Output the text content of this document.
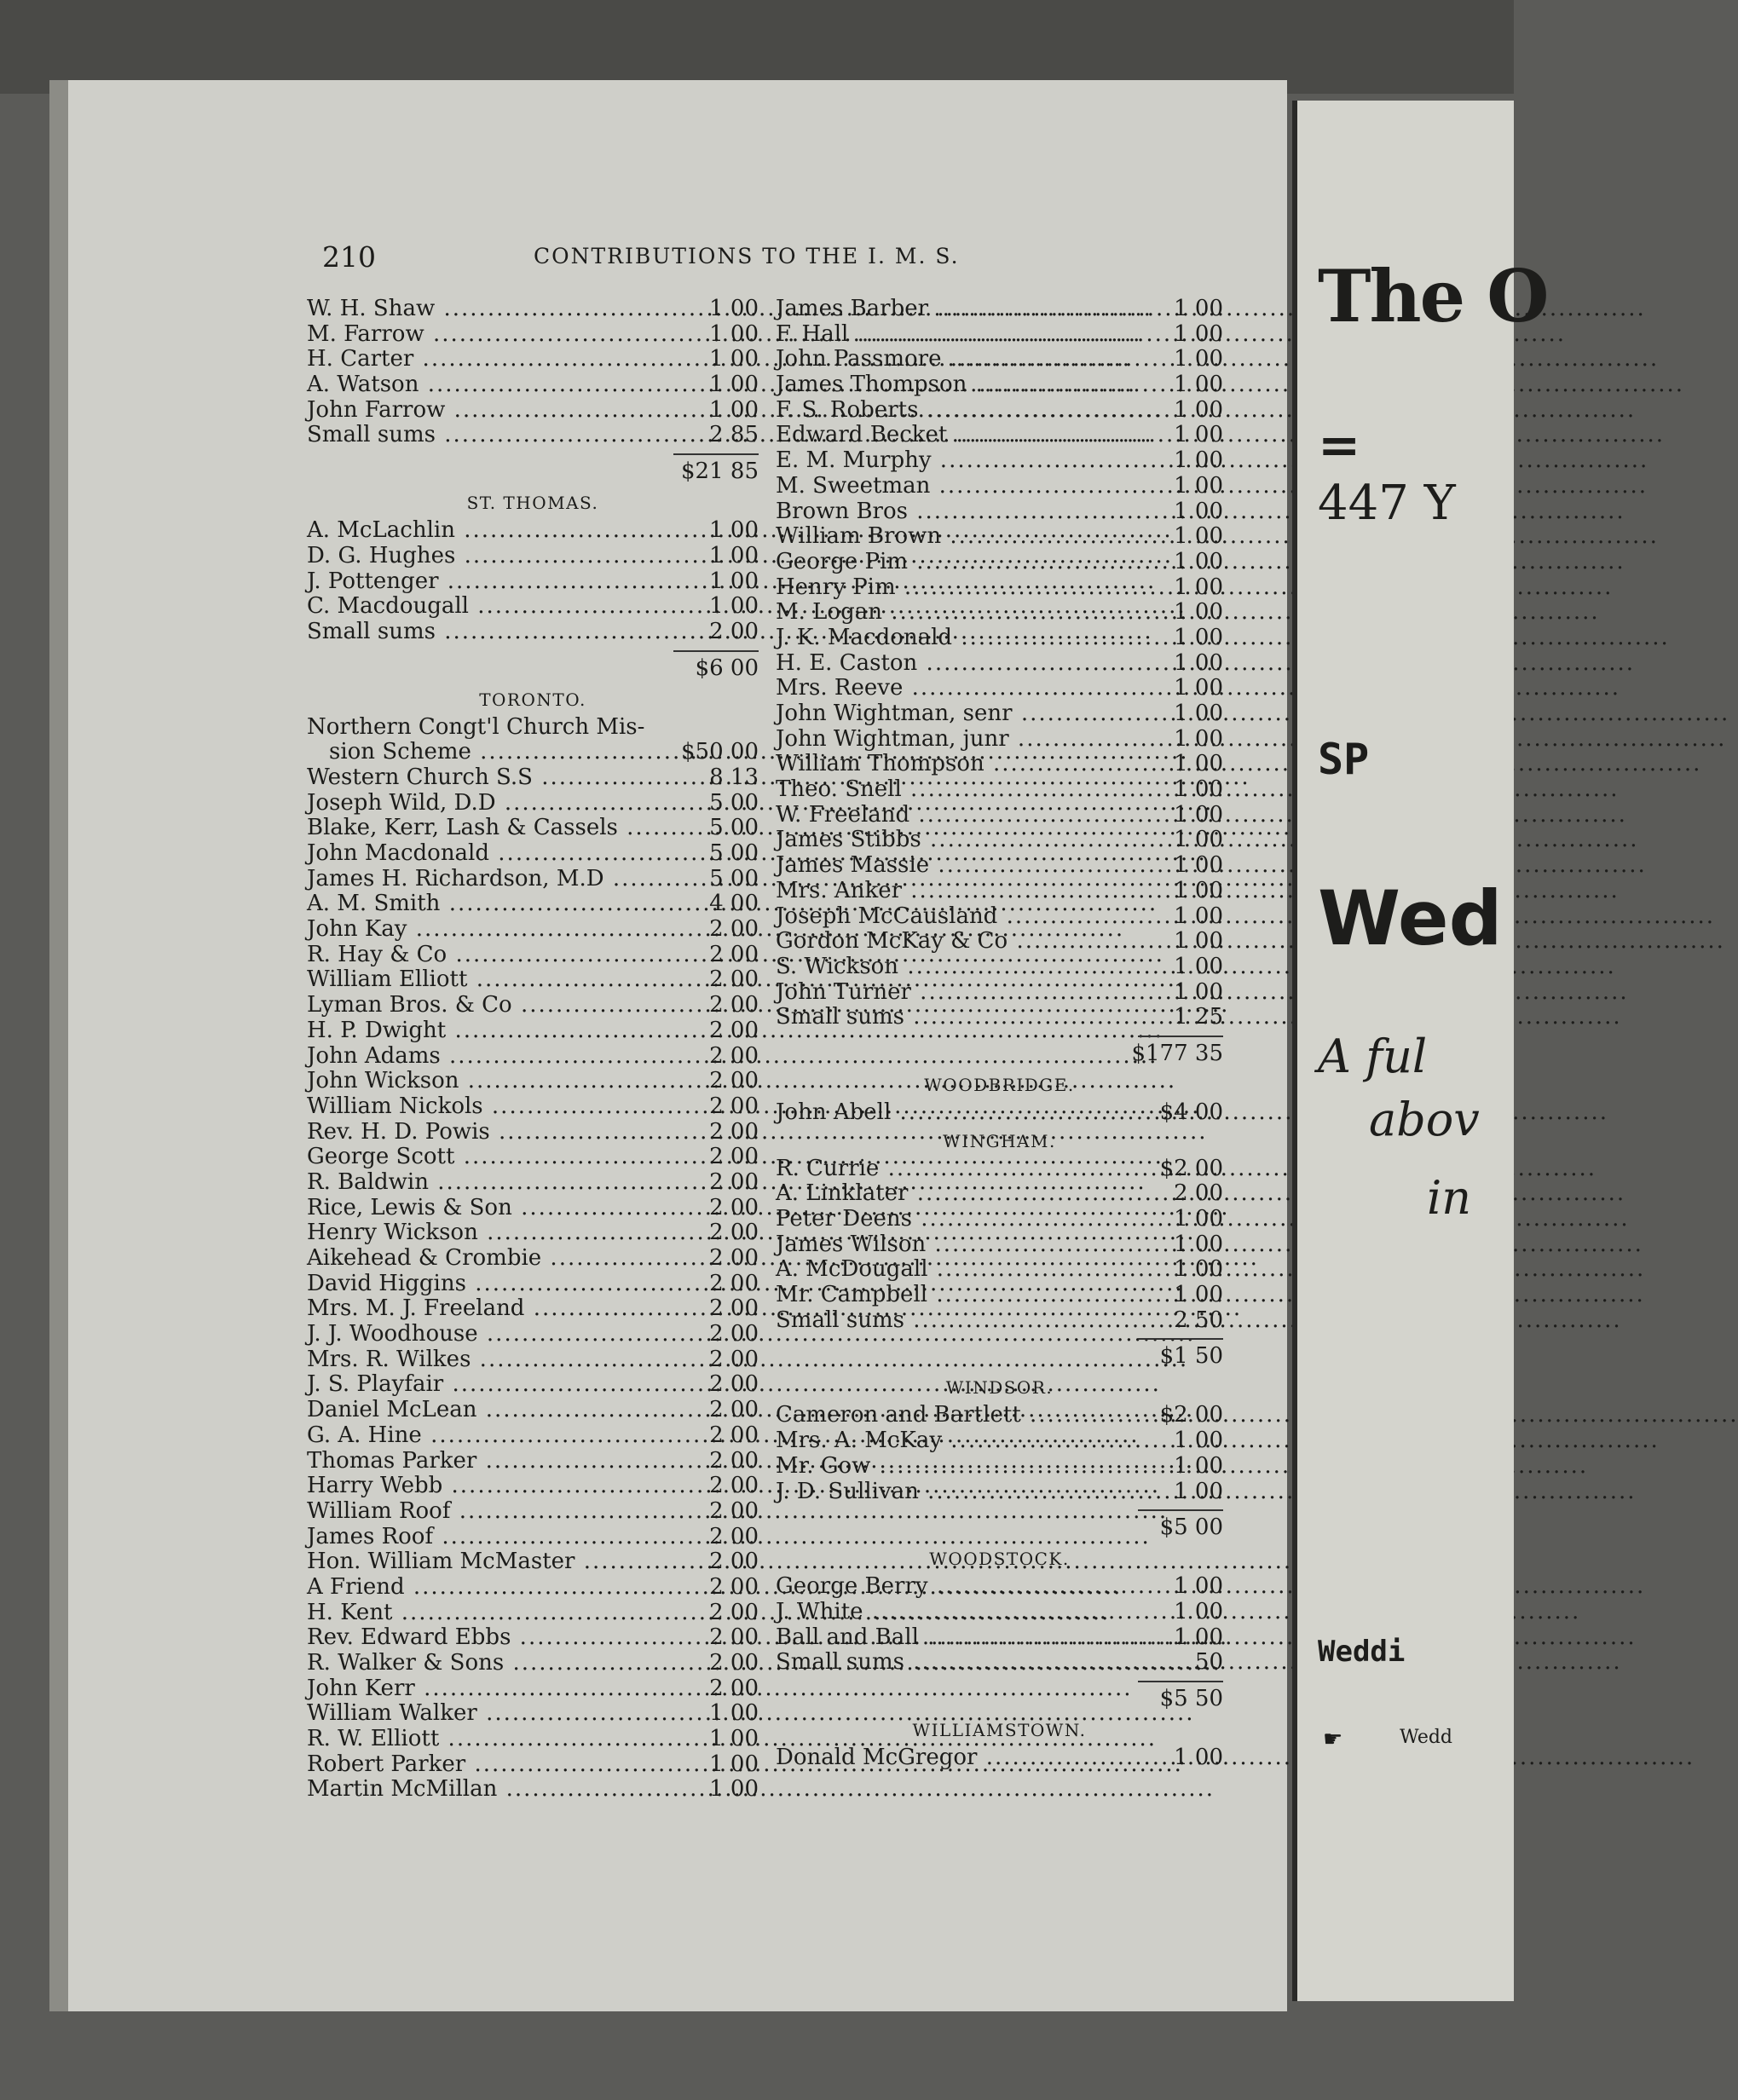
210	CONTRIBUTIONS TO THE I. M. S.
W. H. Shaw .....	1 00
M. Farrow .....	1 00
H. Carter .....	1 00
A. Watson .....	1 00
John Farrow .....	1 00
Small sums .....	2 85
$21 85
ST. THOMAS.
A. McLachlin .....	1 00
D. G. Hughes .....	1 00
J. Pottenger .....	1 00
C. Macdougall .....	1 00
Small sums .....	2 00
$6 00
TORONTO.
Northern Congt'l Church Mis-
sion Scheme .....	$50 00
Western Church S.S .....	8 13
Joseph Wild, D.D .....	5 00
Blake, Kerr, Lash & Cassels .....	5 00
John Macdonald .....	5 00
James H. Richardson, M.D .....	5 00
A. M. Smith .....	4 00
John Kay .....	2 00
R. Hay & Co .....	2 00
William Elliott .....	2 00
Lyman Bros. & Co .....	2 00
H. P. Dwight .....	2 00
John Adams .....	2 00
John Wickson .....	2 00
William Nickols .....	2 00
Rev. H. D. Powis .....	2 00
George Scott .....	2 00
R. Baldwin .....	2 00
Rice, Lewis & Son .....	2 00
Henry Wickson .....	2 00
Aikehead & Crombie .....	2 00
David Higgins .....	2 00
Mrs. M. J. Freeland .....	2 00
J. J. Woodhouse .....	2 00
Mrs. R. Wilkes .....	2 00
J. S. Playfair .....	2 00
Daniel McLean .....	2 00
G. A. Hine .....	2 00
Thomas Parker .....	2 00
Harry Webb .....	2 00
William Roof .....	2 00
James Roof .....	2 00
Hon. William McMaster .....	2 00
A Friend .....	2 00
H. Kent .....	2 00
Rev. Edward Ebbs .....	2 00
R. Walker & Sons .....	2 00
John Kerr .....	2 00
William Walker .....	1 00
R. W. Elliott .....	1 00
Robert Parker .....	1 00
Martin McMillan .....	1 00
James Barber .....	1 00
F. Hall .....	1 00
John Passmore .....	1 00
James Thompson .....	1 00
F. S. Roberts .....	1 00
Edward Becket .....	1 00
E. M. Murphy .....	1 00
M. Sweetman .....	1 00
Brown Bros .....	1 00
William Brown .....	1 00
George Pim .....	1 00
Henry Pim .....	1 00
M. Logan .....	1 00
J. K. Macdonald .....	1 00
H. E. Caston .....	1 00
Mrs. Reeve .....	1 00
John Wightman, senr .....	1 00
John Wightman, junr .....	1 00
William Thompson .....	1 00
Theo. Snell .....	1 00
W. Freeland .....	1 00
James Stibbs .....	1 00
James Massie .....	1 00
Mrs. Anker .....	1 00
Joseph McCausland .....	1 00
Gordon McKay & Co .....	1 00
S. Wickson .....	1 00
John Turner .....	1 00
Small sums .....	1 25
$177 35
WOODBRIDGE.
John Abell .....	$4 00
WINGHAM.
R. Currie .....	$2 00
A. Linklater .....	2 00
Peter Deens .....	1 00
James Wilson .....	1 00
A. McDougall .....	1 00
Mr. Campbell .....	1 00
Small sums .....	2 50
$1 50
WINDSOR.
Cameron and Bartlett .....	$2 00
Mrs. A. McKay .....	1 00
Mr. Gow .....	1 00
J. D. Sullivan .....	1 00
$5 00
WOODSTOCK.
George Berry .....	1 00
J. White .....	1 00
Ball and Ball .....	1 00
Small sums .....	50
$5 50
WILLIAMSTOWN.
Donald McGregor .....	1 00
The O
=
447 Y
SP
Wed
A ful
abov
in
Weddi
☛	Wedd
